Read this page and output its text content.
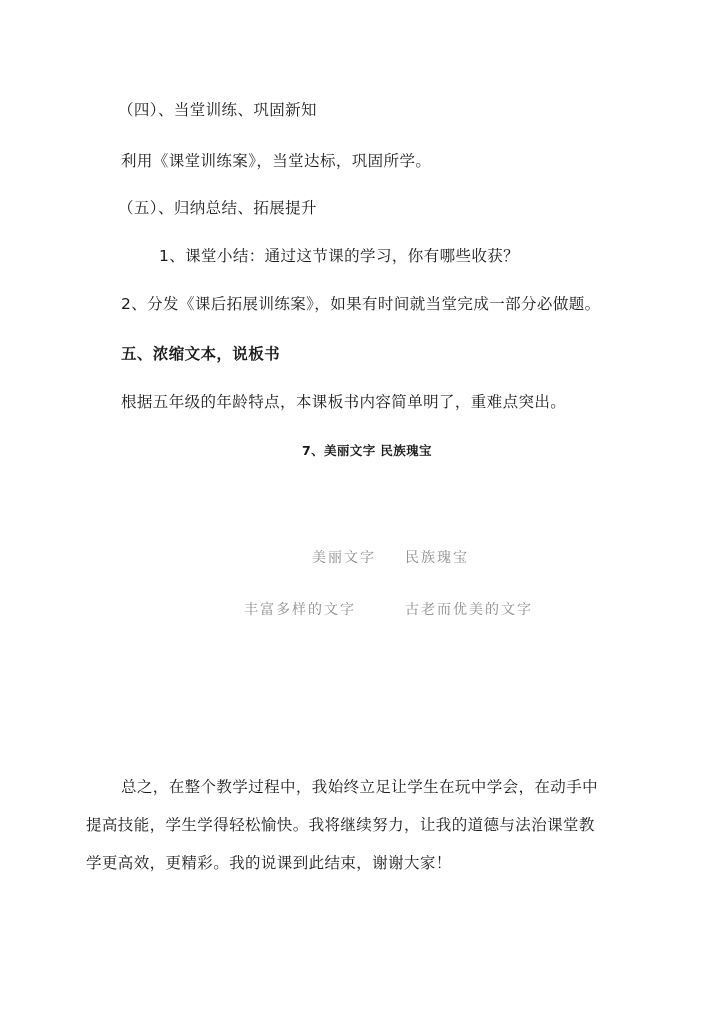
（四）、当堂训练、巩固新知
利用《课堂训练案》，当堂达标，巩固所学。
（五）、归纳总结、拓展提升
1、课堂小结：通过这节课的学习，你有哪些收获？
2、分发《课后拓展训练案》，如果有时间就当堂完成一部分必做题。
五、浓缩文本，说板书
根据五年级的年龄特点，本课板书内容简单明了，重难点突出。
7、美丽文字 民族瑰宝
美丽文字 民族瑰宝
丰富多样的文字	古老而优美的文字
总之，在整个教学过程中，我始终立足让学生在玩中学会，在动手中
提高技能，学生学得轻松愉快。我将继续努力，让我的道德与法治课堂教
学更高效，更精彩。我的说课到此结束，谢谢大家！
